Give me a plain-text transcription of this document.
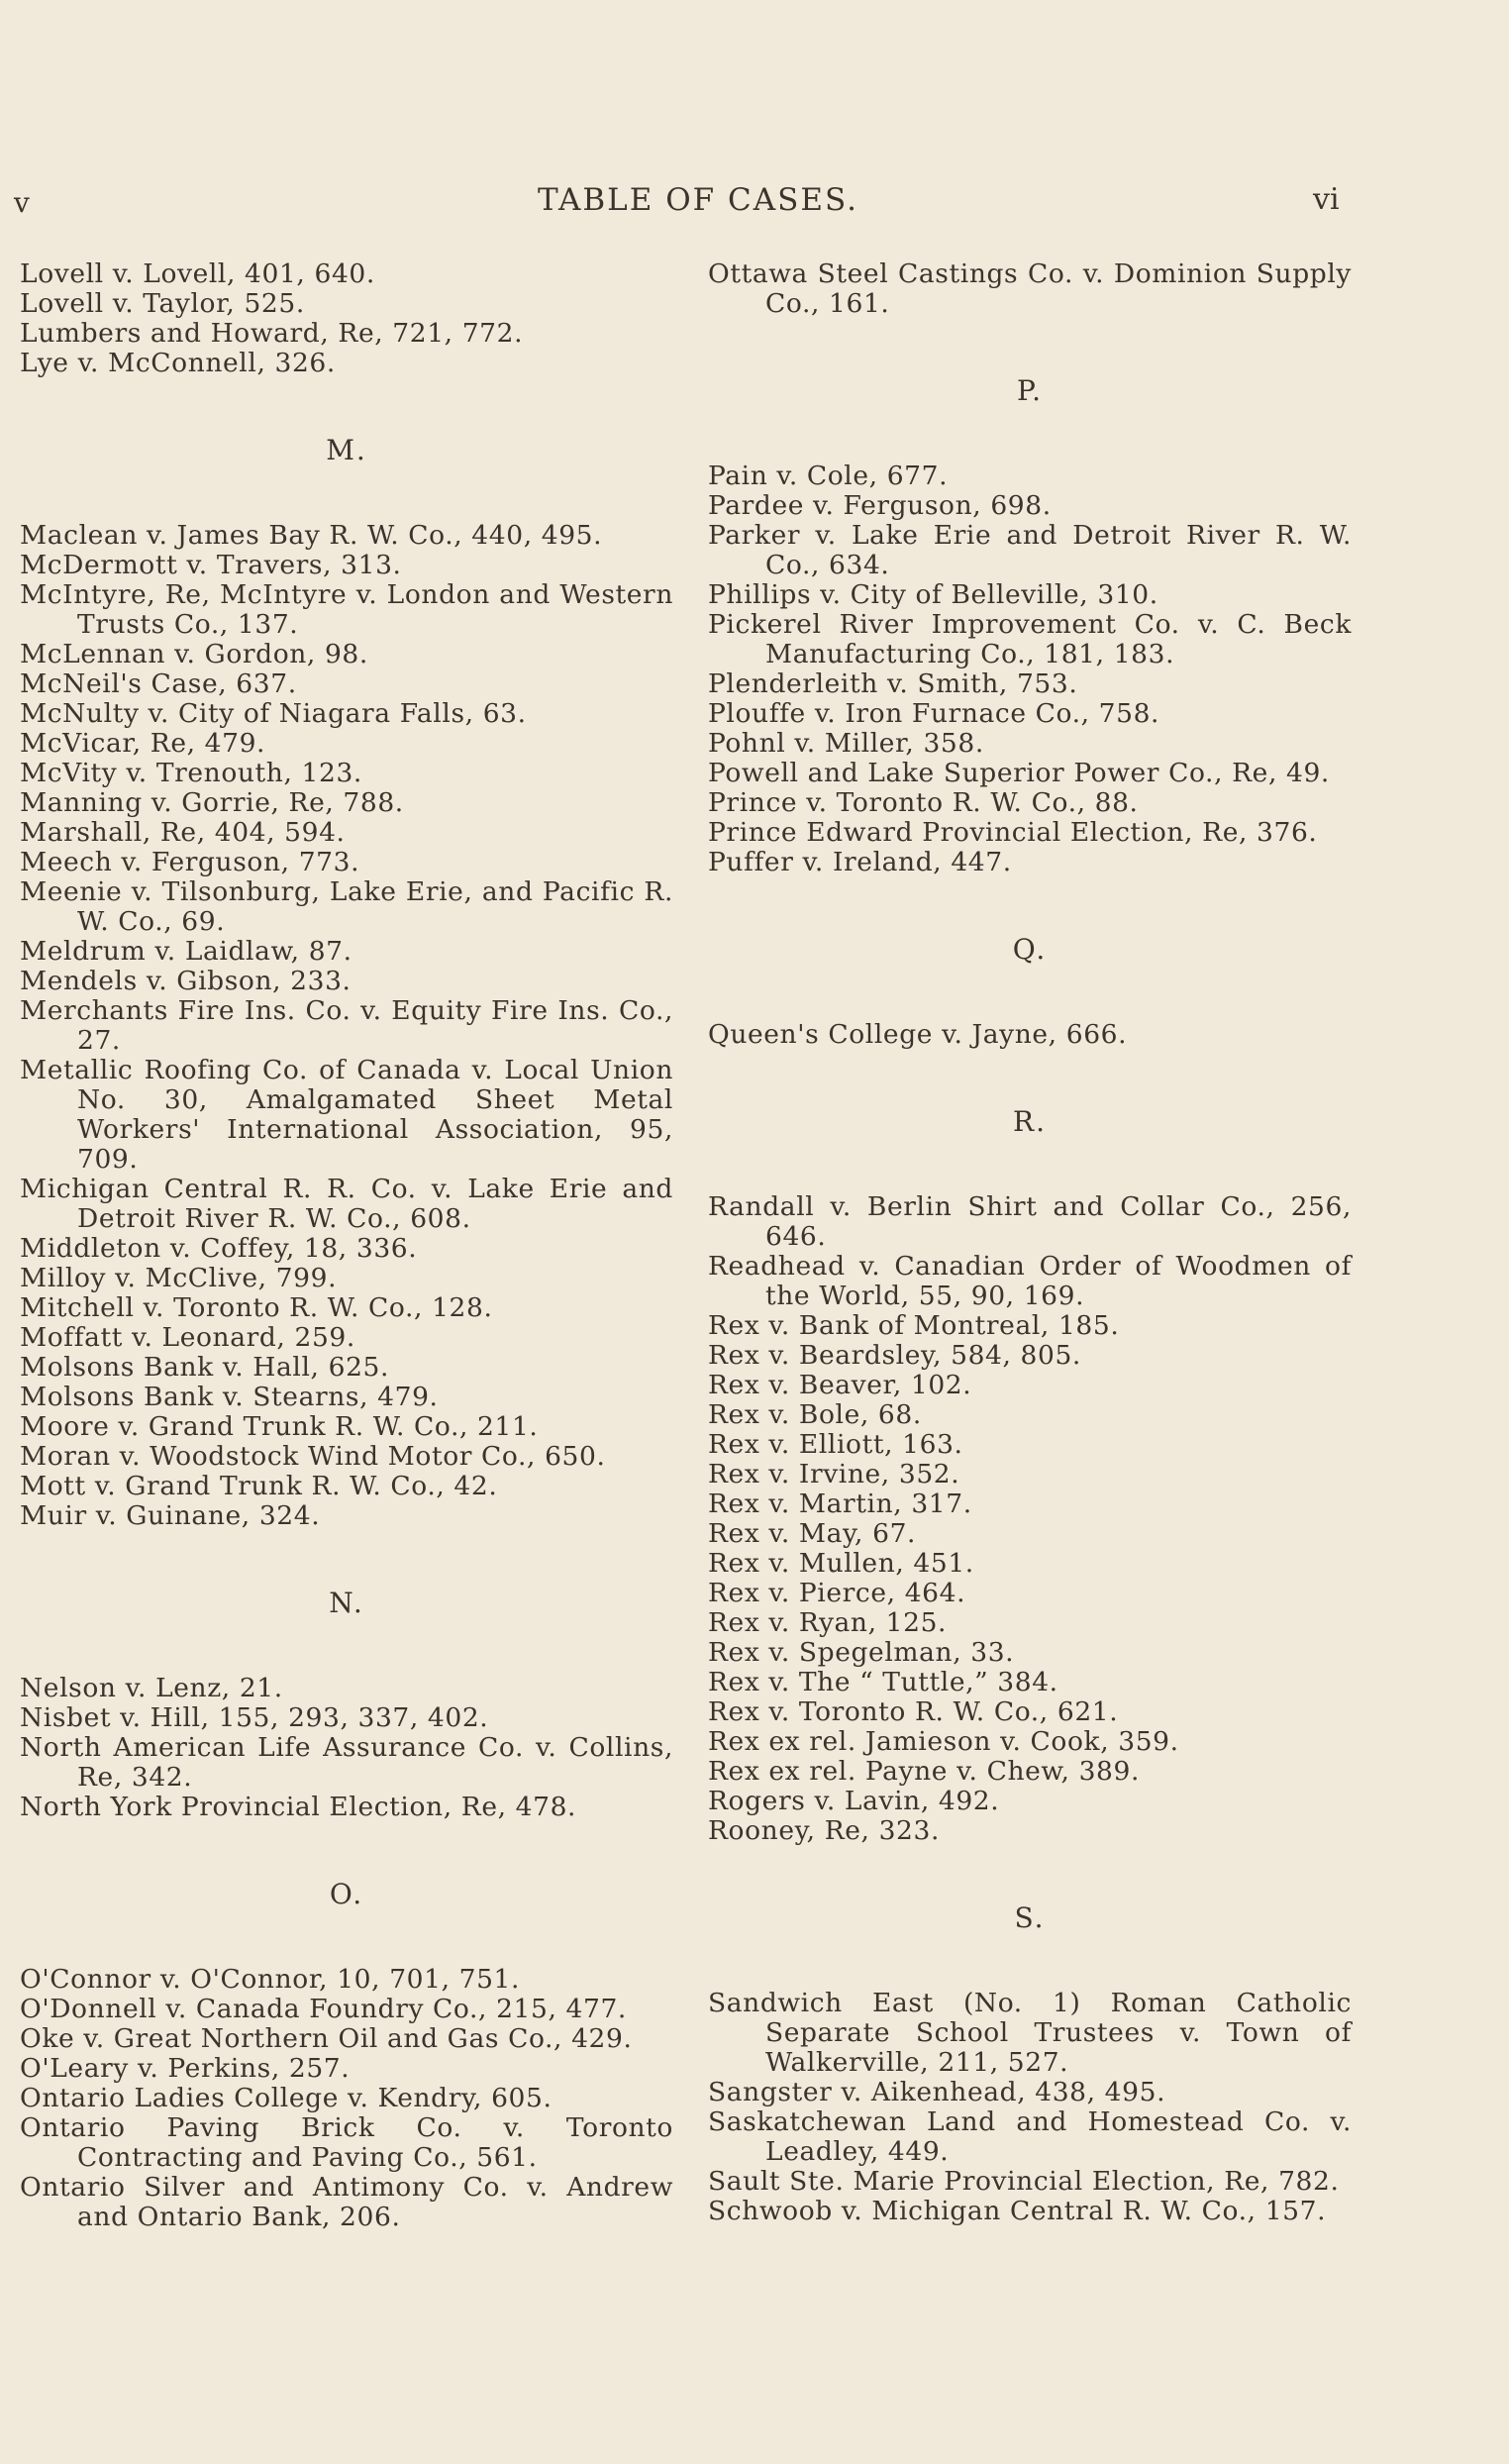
v	TABLE OF CASES.	vi
Lovell v. Lovell, 401, 640.
Lovell v. Taylor, 525.
Lumbers and Howard, Re, 721, 772.
Lye v. McConnell, 326.
M.
Maclean v. James Bay R. W. Co., 440, 495.
McDermott v. Travers, 313.
McIntyre, Re, McIntyre v. London and Western Trusts Co., 137.
McLennan v. Gordon, 98.
McNeil's Case, 637.
McNulty v. City of Niagara Falls, 63.
McVicar, Re, 479.
McVity v. Trenouth, 123.
Manning v. Gorrie, Re, 788.
Marshall, Re, 404, 594.
Meech v. Ferguson, 773.
Meenie v. Tilsonburg, Lake Erie, and Pacific R. W. Co., 69.
Meldrum v. Laidlaw, 87.
Mendels v. Gibson, 233.
Merchants Fire Ins. Co. v. Equity Fire Ins. Co., 27.
Metallic Roofing Co. of Canada v. Local Union No. 30, Amalgamated Sheet Metal Workers' International Association, 95, 709.
Michigan Central R. R. Co. v. Lake Erie and Detroit River R. W. Co., 608.
Middleton v. Coffey, 18, 336.
Milloy v. McClive, 799.
Mitchell v. Toronto R. W. Co., 128.
Moffatt v. Leonard, 259.
Molsons Bank v. Hall, 625.
Molsons Bank v. Stearns, 479.
Moore v. Grand Trunk R. W. Co., 211.
Moran v. Woodstock Wind Motor Co., 650.
Mott v. Grand Trunk R. W. Co., 42.
Muir v. Guinane, 324.
N.
Nelson v. Lenz, 21.
Nisbet v. Hill, 155, 293, 337, 402.
North American Life Assurance Co. v. Collins, Re, 342.
North York Provincial Election, Re, 478.
O.
O'Connor v. O'Connor, 10, 701, 751.
O'Donnell v. Canada Foundry Co., 215, 477.
Oke v. Great Northern Oil and Gas Co., 429.
O'Leary v. Perkins, 257.
Ontario Ladies College v. Kendry, 605.
Ontario Paving Brick Co. v. Toronto Contracting and Paving Co., 561.
Ontario Silver and Antimony Co. v. Andrew and Ontario Bank, 206.
Ottawa Steel Castings Co. v. Dominion Supply Co., 161.
P.
Pain v. Cole, 677.
Pardee v. Ferguson, 698.
Parker v. Lake Erie and Detroit River R. W. Co., 634.
Phillips v. City of Belleville, 310.
Pickerel River Improvement Co. v. C. Beck Manufacturing Co., 181, 183.
Plenderleith v. Smith, 753.
Plouffe v. Iron Furnace Co., 758.
Pohnl v. Miller, 358.
Powell and Lake Superior Power Co., Re, 49.
Prince v. Toronto R. W. Co., 88.
Prince Edward Provincial Election, Re, 376.
Puffer v. Ireland, 447.
Q.
Queen's College v. Jayne, 666.
R.
Randall v. Berlin Shirt and Collar Co., 256, 646.
Readhead v. Canadian Order of Woodmen of the World, 55, 90, 169.
Rex v. Bank of Montreal, 185.
Rex v. Beardsley, 584, 805.
Rex v. Beaver, 102.
Rex v. Bole, 68.
Rex v. Elliott, 163.
Rex v. Irvine, 352.
Rex v. Martin, 317.
Rex v. May, 67.
Rex v. Mullen, 451.
Rex v. Pierce, 464.
Rex v. Ryan, 125.
Rex v. Spegelman, 33.
Rex v. The “ Tuttle,” 384.
Rex v. Toronto R. W. Co., 621.
Rex ex rel. Jamieson v. Cook, 359.
Rex ex rel. Payne v. Chew, 389.
Rogers v. Lavin, 492.
Rooney, Re, 323.
S.
Sandwich East (No. 1) Roman Catholic Separate School Trustees v. Town of Walkerville, 211, 527.
Sangster v. Aikenhead, 438, 495.
Saskatchewan Land and Homestead Co. v. Leadley, 449.
Sault Ste. Marie Provincial Election, Re, 782.
Schwoob v. Michigan Central R. W. Co., 157.
